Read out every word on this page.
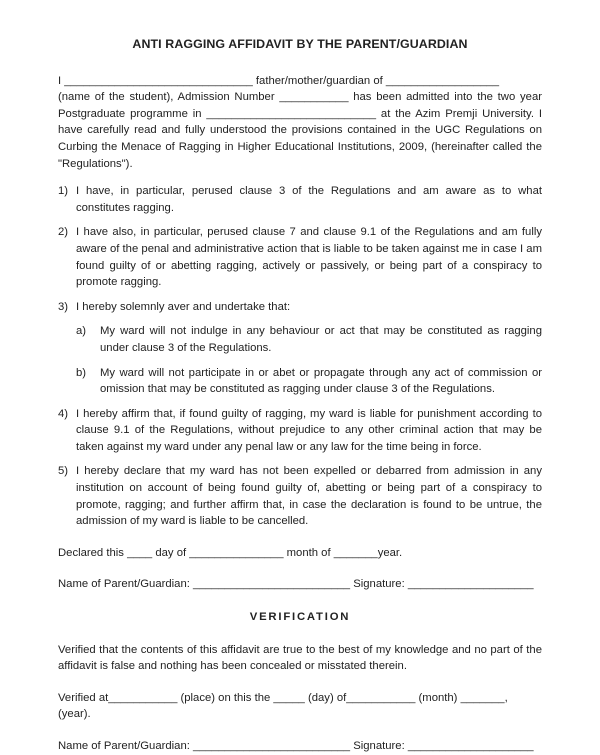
ANTI RAGGING AFFIDAVIT BY THE PARENT/GUARDIAN

I ______________________________ father/mother/guardian of __________________

(name of the student), Admission Number ___________ has been admitted into the two year Postgraduate programme in ___________________________ at the Azim Premji University. I have carefully read and fully understood the provisions contained in the UGC Regulations on Curbing the Menace of Ragging in Higher Educational Institutions, 2009, (hereinafter called the "Regulations").

1) I have, in particular, perused clause 3 of the Regulations and am aware as to what constitutes ragging.
2) I have also, in particular, perused clause 7 and clause 9.1 of the Regulations and am fully aware of the penal and administrative action that is liable to be taken against me in case I am found guilty of or abetting ragging, actively or passively, or being part of a conspiracy to promote ragging.
3) I hereby solemnly aver and undertake that:
a) My ward will not indulge in any behaviour or act that may be constituted as ragging under clause 3 of the Regulations.
b) My ward will not participate in or abet or propagate through any act of commission or omission that may be constituted as ragging under clause 3 of the Regulations.
4) I hereby affirm that, if found guilty of ragging, my ward is liable for punishment according to clause 9.1 of the Regulations, without prejudice to any other criminal action that may be taken against my ward under any penal law or any law for the time being in force.
5) I hereby declare that my ward has not been expelled or debarred from admission in any institution on account of being found guilty of, abetting or being part of a conspiracy to promote, ragging; and further affirm that, in case the declaration is found to be untrue, the admission of my ward is liable to be cancelled.

Declared this ____ day of _______________ month of _______year.

Name of Parent/Guardian: _________________________ Signature: ____________________

VERIFICATION

Verified that the contents of this affidavit are true to the best of my knowledge and no part of the affidavit is false and nothing has been concealed or misstated therein.

Verified at___________ (place) on this the _____ (day) of___________ (month) _______, (year).

Name of Parent/Guardian: _________________________ Signature: ____________________
